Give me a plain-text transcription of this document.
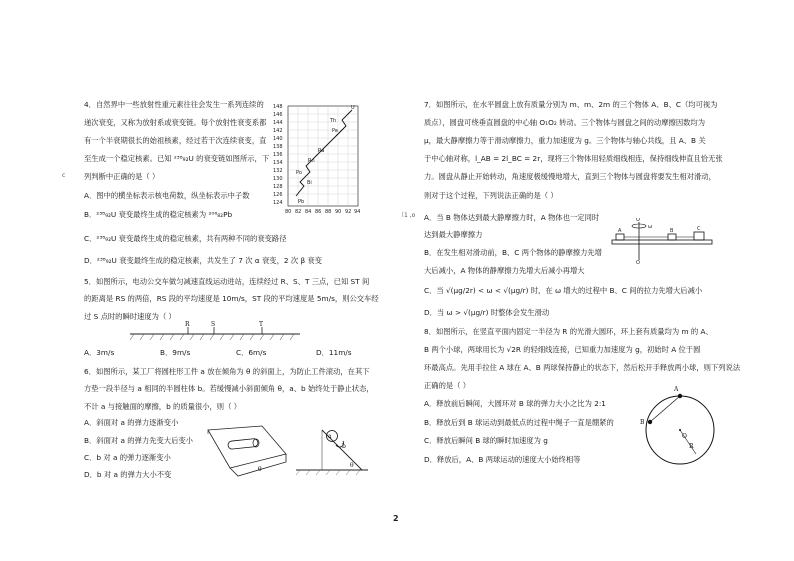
c
（1 ,o
4．自然界中一些放射性重元素往往会发生一系列连续的
递次衰变，又称为放射系或衰变链。每个放射性衰变系都
有一个半衰期很长的始祖核素，经过若干次连续衰变，直
至生成一个稳定核素。已知 ²³⁸₉₂U 的衰变链如图所示，下
列判断中正确的是（ ）
A．图中的横坐标表示核电荷数，纵坐标表示中子数
B．²³⁸₉₂U 衰变最终生成的稳定核素为 ²⁰⁶₈₂Pb
C．²³⁸₉₂U 衰变最终生成的稳定核素，共有两种不同的衰变路径
D．²³⁸₉₂U 衰变最终生成的稳定核素，共发生了 7 次 α 衰变，2 次 β 衰变
148
146
144
142
140
138
136
134
132
130
128
126
124
80 82 84 86 88 90 92 94
U
Th
Pa
Ra
Rn
Po
Bi
Pb
5．如图所示，电动公交车做匀减速直线运动进站，连续经过 R、S、T 三点，已知 ST 间
的距离是 RS 的两倍，RS 段的平均速度是 10m/s，ST 段的平均速度是 5m/s，则公交车经
过 S 点时的瞬时速度为（ ）
A．3m/s	B．9m/s	C．6m/s	D．11m/s
R	S	T
6．如图所示，某工厂将圆柱形工件 a 放在倾角为 θ 的斜面上，为防止工件滚动，在其下
方垫一段半径与 a 相同的半圆柱体 b。若缓慢减小斜面倾角 θ，a、b 始终处于静止状态，
不计 a 与接触面的摩擦，b 的质量很小，则（ ）
A．斜面对 a 的弹力逐渐变小
B．斜面对 a 的弹力先变大后变小
C．b 对 a 的弹力逐渐变小
D．b 对 a 的弹力大小不变
θ
a
b
θ
7．如图所示，在水平圆盘上放有质量分别为 m、m、2m 的三个物体 A、B、C（均可视为
质点），圆盘可绕垂直圆盘的中心轴 O₁O₂ 转动。三个物体与圆盘之间的动摩擦因数均为
μ，最大静摩擦力等于滑动摩擦力，重力加速度为 g。三个物体与轴心共线，且 A、B 关
于中心轴对称，l_AB = 2l_BC = 2r，现将三个物体用轻质细线相连，保持细线伸直且恰无张
力。圆盘从静止开始转动，角速度极缓慢地增大，直到三个物体与圆盘将要发生相对滑动，
则对于这个过程，下列说法正确的是（ ）
A．当 B 物体达到最大静摩擦力时，A 物体也一定同时
达到最大静摩擦力
B．在发生相对滑动前，B、C 两个物体的静摩擦力先增
大后减小，A 物体的静摩擦力先增大后减小再增大
C．当 √(μg/2r) < ω < √(μg/r) 时，在 ω 增大的过程中 B、C 间的拉力先增大后减小
D．当 ω > √(μg/r) 时整体会发生滑动
O
ω
A	B	C
O
8．如图所示，在竖直平面内固定一半径为 R 的光滑大圆环，环上套有质量均为 m 的 A、
B 两个小球，两球用长为 √2R 的轻细线连接，已知重力加速度为 g，初始时 A 位于圆
环最高点。先用手拉住 A 球在 A、B 两球保持静止的状态下，然后松开手释放两小球，则下列说法
正确的是（ ）
A．释放前后瞬间，大圆环对 B 球的弹力大小之比为 2:1
B．释放后到 B 球运动到最低点的过程中绳子一直是绷紧的
C．释放后瞬间 B 球的瞬时加速度为 g
D．释放后，A、B 两球运动的速度大小始终相等
A
B
O
R
2
